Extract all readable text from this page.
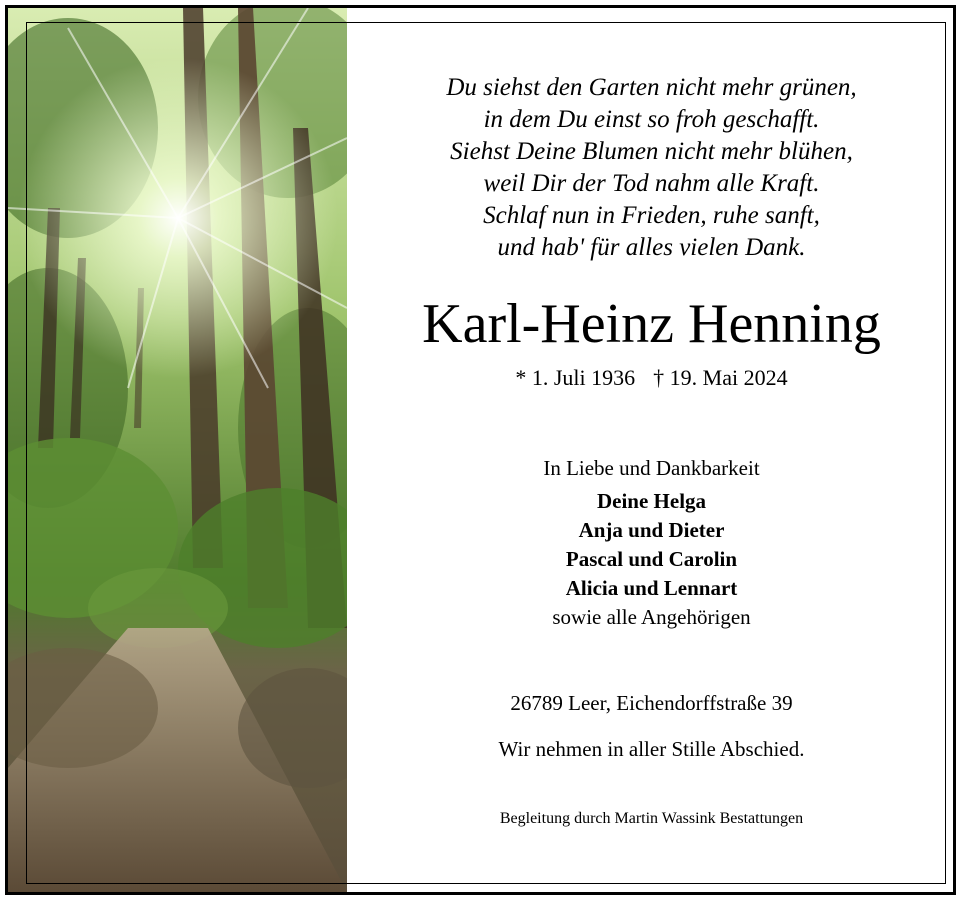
Du siehst den Garten nicht mehr grünen,
in dem Du einst so froh geschafft.
Siehst Deine Blumen nicht mehr blühen,
weil Dir der Tod nahm alle Kraft.
Schlaf nun in Frieden, ruhe sanft,
und hab' für alles vielen Dank.
Karl-Heinz Henning
* 1. Juli 1936 † 19. Mai 2024
In Liebe und Dankbarkeit
Deine Helga
Anja und Dieter
Pascal und Carolin
Alicia und Lennart
sowie alle Angehörigen
26789 Leer, Eichendorffstraße 39
Wir nehmen in aller Stille Abschied.
Begleitung durch Martin Wassink Bestattungen
